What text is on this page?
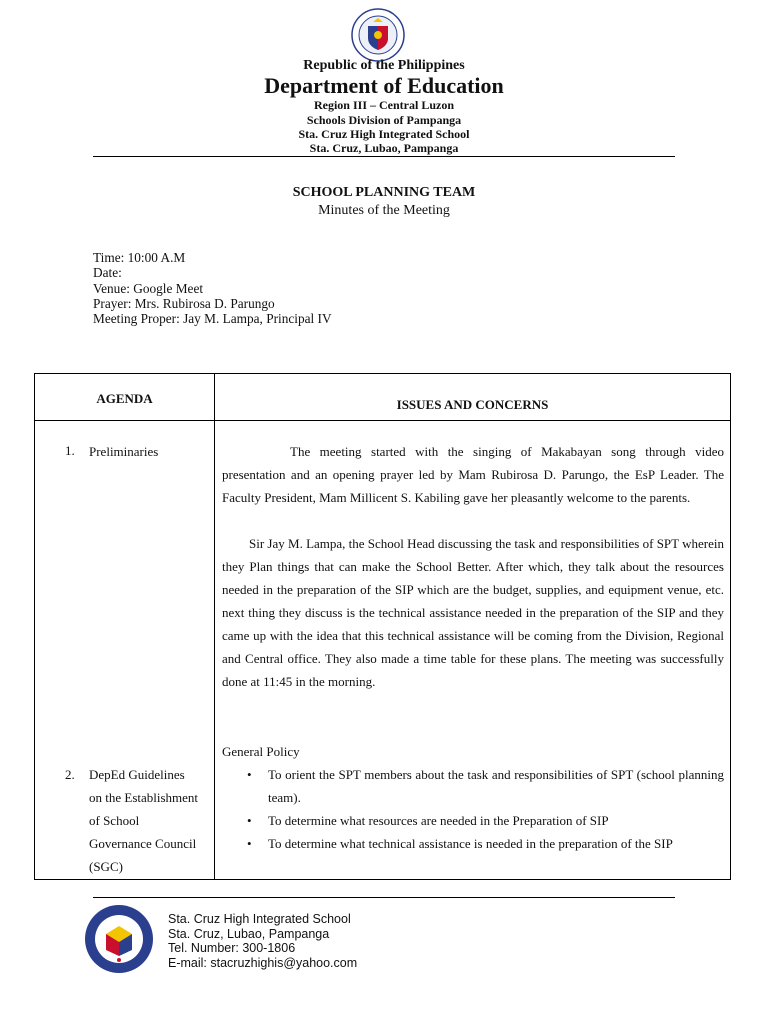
Republic of the Philippines
Department of Education
Region III – Central Luzon
Schools Division of Pampanga
Sta. Cruz High Integrated School
Sta. Cruz, Lubao, Pampanga
SCHOOL PLANNING TEAM
Minutes of the Meeting
Time: 10:00 A.M
Date:
Venue: Google Meet
Prayer: Mrs. Rubirosa D. Parungo
Meeting Proper: Jay M. Lampa, Principal IV
AGENDA	ISSUES AND CONCERNS
1. Preliminaries	The meeting started with the singing of Makabayan song through video presentation and an opening prayer led by Mam Rubirosa D. Parungo, the EsP Leader. The Faculty President, Mam Millicent S. Kabiling gave her pleasantly welcome to the parents.
Sir Jay M. Lampa, the School Head discussing the task and responsibilities of SPT wherein they Plan things that can make the School Better. After which, they talk about the resources needed in the preparation of the SIP which are the budget, supplies, and equipment venue, etc. next thing they discuss is the technical assistance needed in the preparation of the SIP and they came up with the idea that this technical assistance will be coming from the Division, Regional and Central office. They also made a time table for these plans. The meeting was successfully done at 11:45 in the morning.
2. DepEd Guidelines
on the Establishment
of School
Governance Council
(SGC)
General Policy
• To orient the SPT members about the task and responsibilities of SPT (school planning team).
• To determine what resources are needed in the Preparation of SIP
• To determine what technical assistance is needed in the preparation of the SIP
Sta. Cruz High Integrated School
Sta. Cruz, Lubao, Pampanga
Tel. Number: 300-1806
E-mail: stacruzhighis@yahoo.com
